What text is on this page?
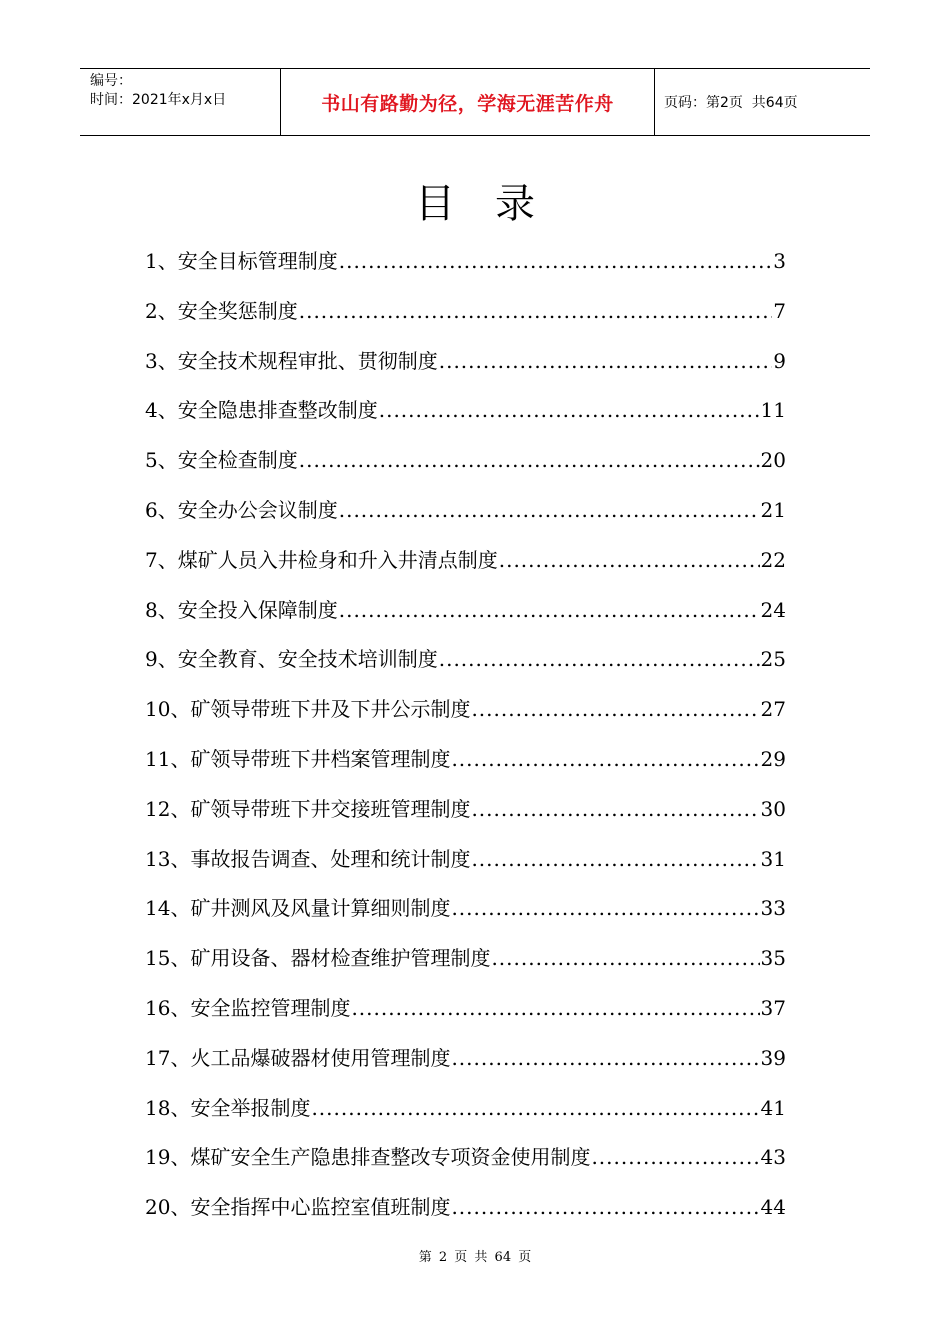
编号：
时间：2021年x月x日	书山有路勤为径，学海无涯苦作舟	页码：第2页  共64页
目录
1、安全目标管理制度 .....	3
2、安全奖惩制度 .....	7
3、安全技术规程审批、贯彻制度 .....	9
4、安全隐患排查整改制度 .....	11
5、安全检查制度 .....	20
6、安全办公会议制度 .....	21
7、煤矿人员入井检身和升入井清点制度 .....	22
8、安全投入保障制度 .....	24
9、安全教育、安全技术培训制度 .....	25
10、矿领导带班下井及下井公示制度 .....	27
11、矿领导带班下井档案管理制度 .....	29
12、矿领导带班下井交接班管理制度 .....	30
13、事故报告调查、处理和统计制度 .....	31
14、矿井测风及风量计算细则制度 .....	33
15、矿用设备、器材检查维护管理制度 .....	35
16、安全监控管理制度 .....	37
17、火工品爆破器材使用管理制度 .....	39
18、安全举报制度 .....	41
19、煤矿安全生产隐患排查整改专项资金使用制度 .....	43
20、安全指挥中心监控室值班制度 .....	44
第 2 页 共 64 页
